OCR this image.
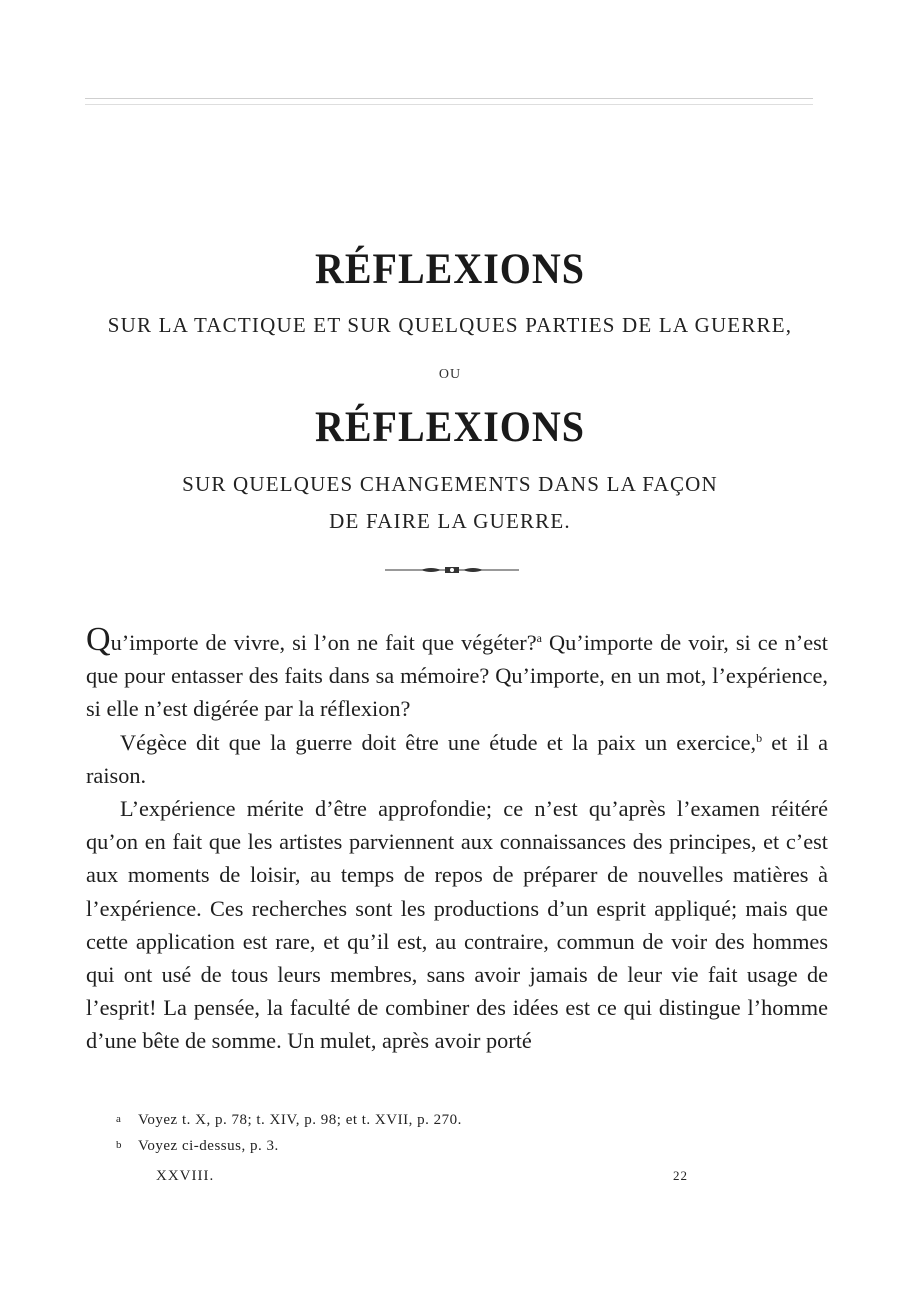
RÉFLEXIONS
SUR LA TACTIQUE ET SUR QUELQUES PARTIES DE LA GUERRE,
OU
RÉFLEXIONS
SUR QUELQUES CHANGEMENTS DANS LA FAÇON
DE FAIRE LA GUERRE.

Qu’importe de vivre, si l’on ne fait que végéter?$^a$ Qu’importe de voir, si ce n’est que pour entasser des faits dans sa mémoire? Qu’importe, en un mot, l’expérience, si elle n’est digérée par la réflexion?

Végèce dit que la guerre doit être une étude et la paix un exercice,$^b$ et il a raison.

L’expérience mérite d’être approfondie; ce n’est qu’après l’examen réitéré qu’on en fait que les artistes parviennent aux connaissances des principes, et c’est aux moments de loisir, au temps de repos de préparer de nouvelles matières à l’expérience. Ces recherches sont les productions d’un esprit appliqué; mais que cette application est rare, et qu’il est, au contraire, commun de voir des hommes qui ont usé de tous leurs membres, sans avoir jamais de leur vie fait usage de l’esprit! La pensée, la faculté de combiner des idées est ce qui distingue l’homme d’une bête de somme. Un mulet, après avoir porté

a Voyez t. X, p. 78; t. XIV, p. 98; et t. XVII, p. 270.
b Voyez ci-dessus, p. 3.
XXVIII.	22
